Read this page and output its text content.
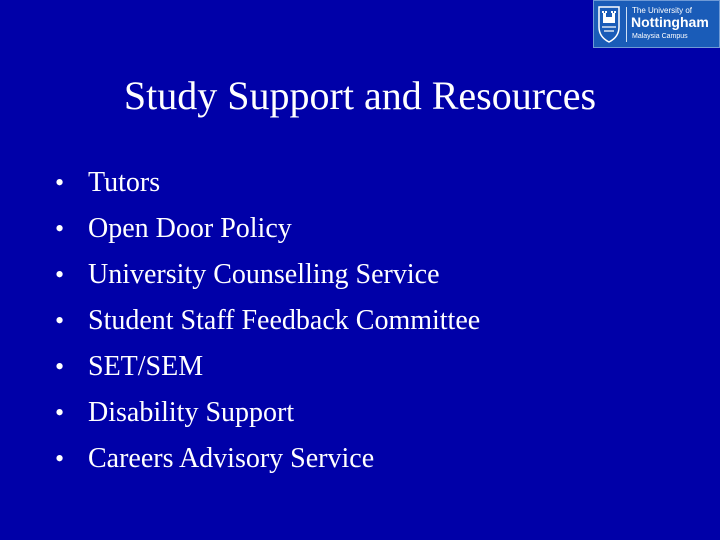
The University of
Nottingham
Malaysia Campus
Study Support and Resources
• Tutors
• Open Door Policy
• University Counselling Service
• Student Staff Feedback Committee
• SET/SEM
• Disability Support
• Careers Advisory Service
